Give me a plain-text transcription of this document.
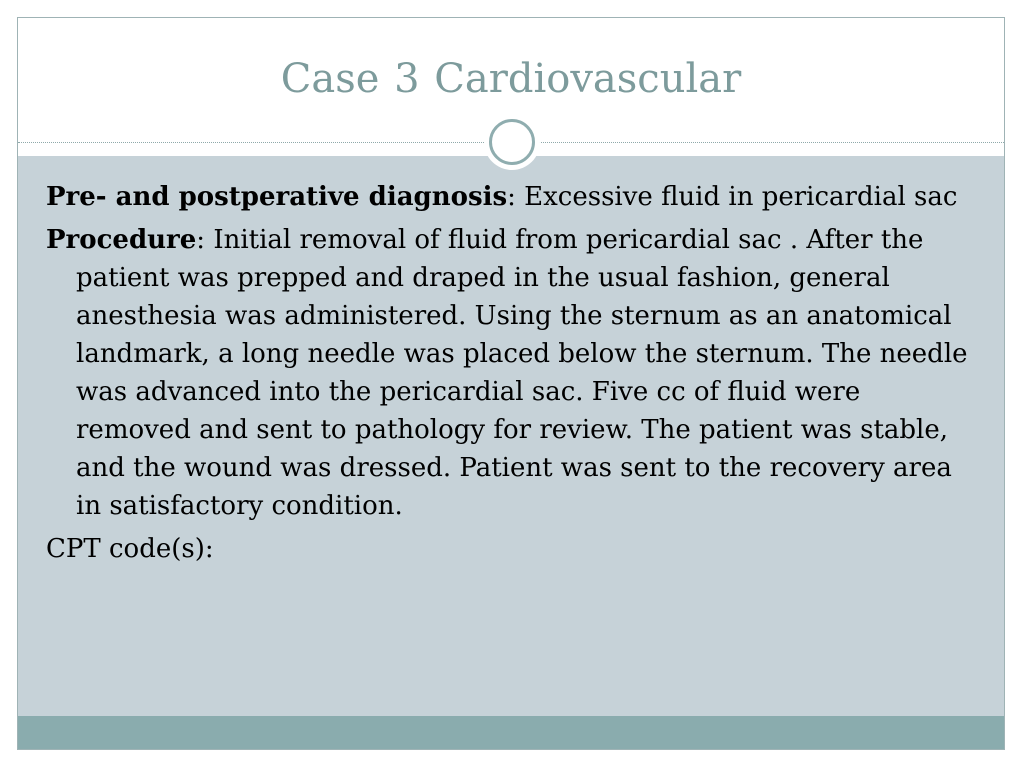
Case 3 Cardiovascular

Pre- and postperative diagnosis: Excessive fluid in pericardial sac

Procedure: Initial removal of fluid from pericardial sac . After the patient was prepped and draped in the usual fashion, general anesthesia was administered. Using the sternum as an anatomical landmark, a long needle was placed below the sternum. The needle was advanced into the pericardial sac. Five cc of fluid were removed and sent to pathology for review. The patient was stable, and the wound was dressed. Patient was sent to the recovery area in satisfactory condition.

CPT code(s):
